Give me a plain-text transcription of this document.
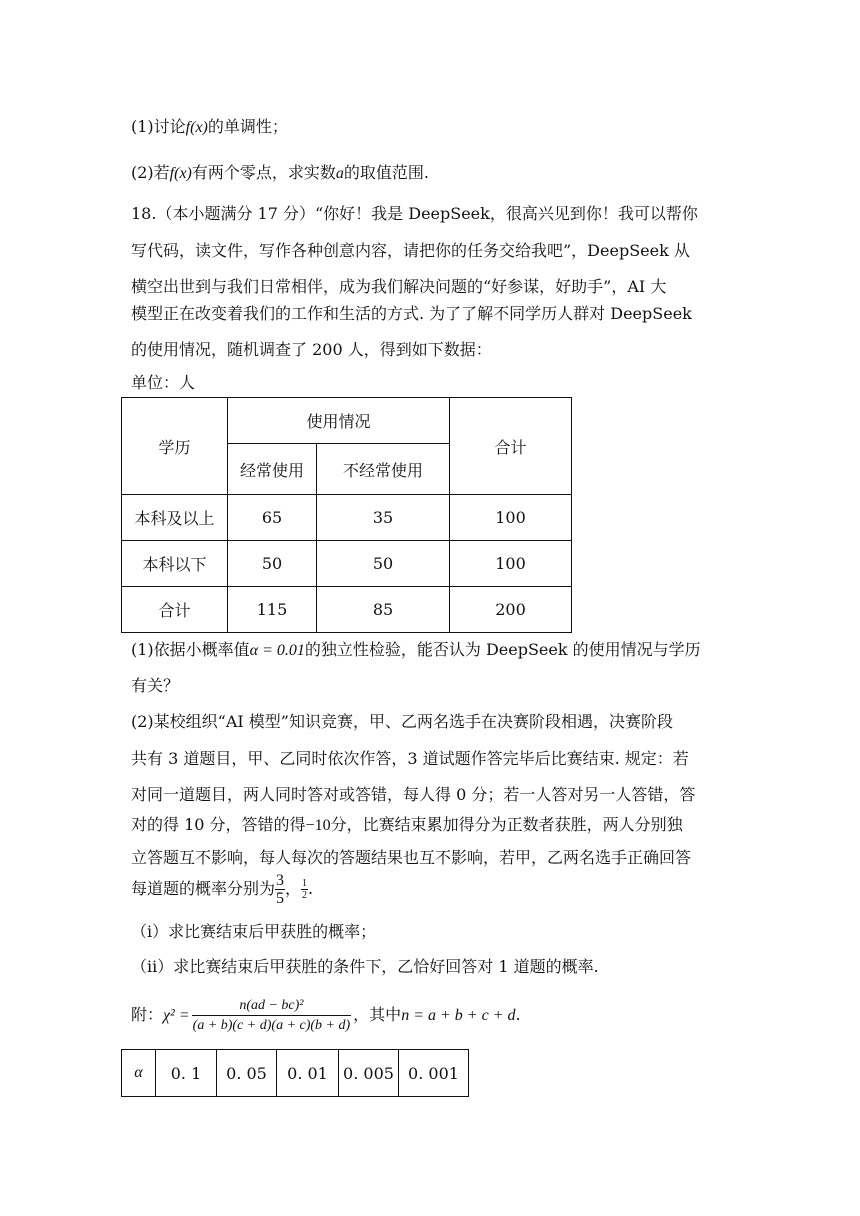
(1)讨论f(x)的单调性；
(2)若f(x)有两个零点，求实数a的取值范围.
18.（本小题满分 17 分）“你好！我是 DeepSeek，很高兴见到你！我可以帮你
写代码，读文件，写作各种创意内容，请把你的任务交给我吧”，DeepSeek 从
横空出世到与我们日常相伴，成为我们解决问题的“好参谋，好助手”，AI 大
模型正在改变着我们的工作和生活的方式. 为了了解不同学历人群对 DeepSeek
的使用情况，随机调查了 200 人，得到如下数据：
单位：人
学历	使用情况		合计
	经常使用	不经常使用	
本科及以上	65	35	100
本科以下	50	50	100
合计	115	85	200
(1)依据小概率值α = 0.01的独立性检验，能否认为 DeepSeek 的使用情况与学历
有关？
(2)某校组织“AI 模型”知识竞赛，甲、乙两名选手在决赛阶段相遇，决赛阶段
共有 3 道题目，甲、乙同时依次作答，3 道试题作答完毕后比赛结束. 规定：若
对同一道题目，两人同时答对或答错，每人得 0 分；若一人答对另一人答错，答
对的得 10 分，答错的得−10分，比赛结束累加得分为正数者获胜，两人分别独
立答题互不影响，每人每次的答题结果也互不影响，若甲，乙两名选手正确回答
每道题的概率分别为 $\frac{3}{5}$ ， $\frac{1}{2}$ .
（ⅰ）求比赛结束后甲获胜的概率；
（ⅱ）求比赛结束后甲获胜的条件下，乙恰好回答对 1 道题的概率.
附：$\chi^2 = \frac{\text{n(ad − bc)²}}{(a + b)(c + d)(a + c)(b + d)}$ ，其中n = a + b + c + d.
α	0. 1	0. 05	0. 01	0. 005	0. 001
